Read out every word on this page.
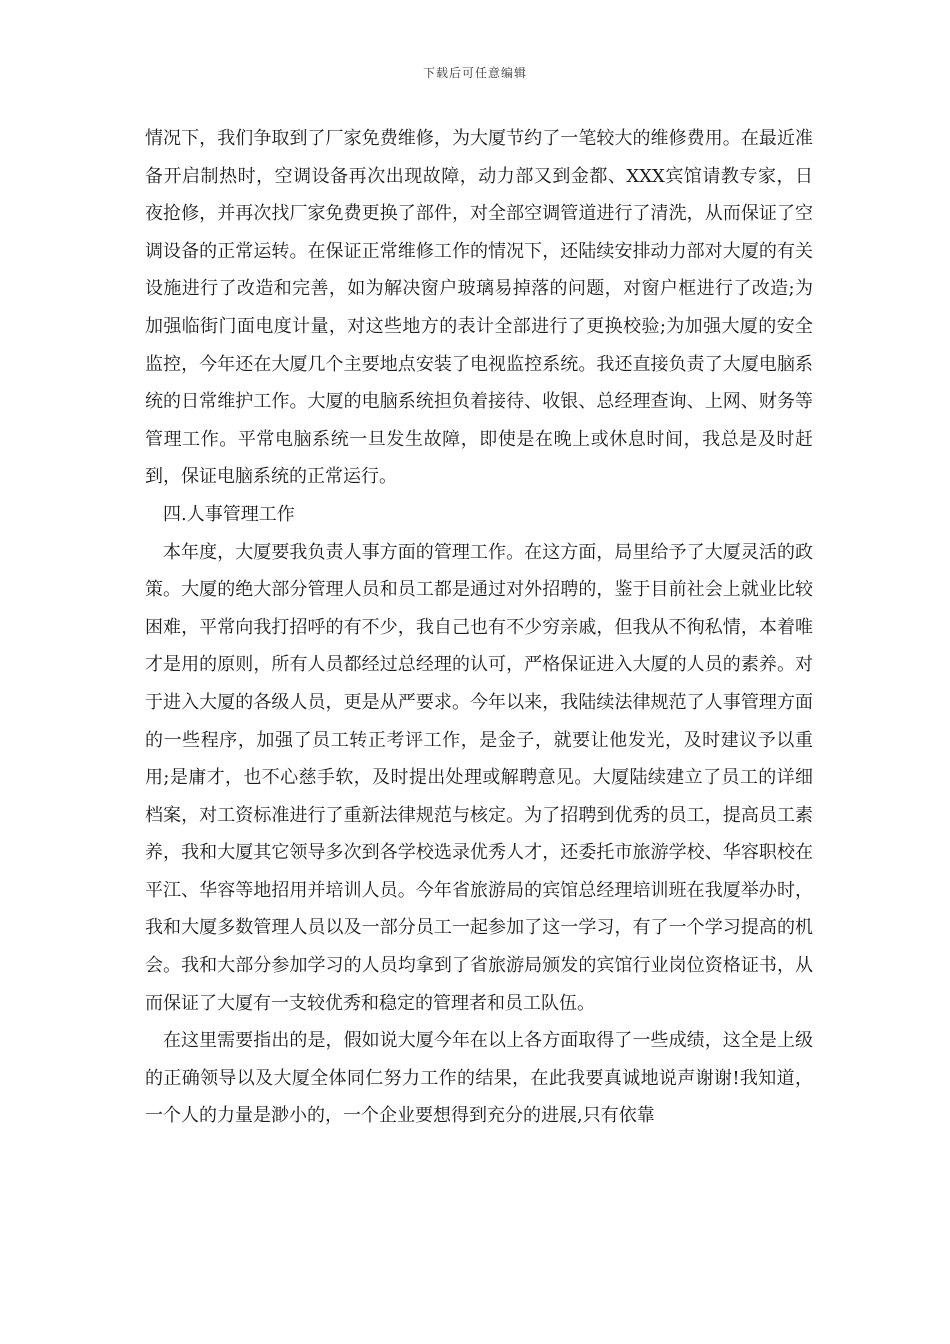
下载后可任意编辑

情况下，我们争取到了厂家免费维修，为大厦节约了一笔较大的维修费用。在最近准备开启制热时，空调设备再次出现故障，动力部又到金都、XXX宾馆请教专家，日夜抢修，并再次找厂家免费更换了部件，对全部空调管道进行了清洗，从而保证了空调设备的正常运转。在保证正常维修工作的情况下，还陆续安排动力部对大厦的有关设施进行了改造和完善，如为解决窗户玻璃易掉落的问题，对窗户框进行了改造;为加强临街门面电度计量，对这些地方的表计全部进行了更换校验;为加强大厦的安全监控，今年还在大厦几个主要地点安装了电视监控系统。我还直接负责了大厦电脑系统的日常维护工作。大厦的电脑系统担负着接待、收银、总经理查询、上网、财务等管理工作。平常电脑系统一旦发生故障，即使是在晚上或休息时间，我总是及时赶到，保证电脑系统的正常运行。

四.人事管理工作

本年度，大厦要我负责人事方面的管理工作。在这方面，局里给予了大厦灵活的政策。大厦的绝大部分管理人员和员工都是通过对外招聘的，鉴于目前社会上就业比较困难，平常向我打招呼的有不少，我自己也有不少穷亲戚，但我从不徇私情，本着唯才是用的原则，所有人员都经过总经理的认可，严格保证进入大厦的人员的素养。对于进入大厦的各级人员，更是从严要求。今年以来，我陆续法律规范了人事管理方面的一些程序，加强了员工转正考评工作，是金子，就要让他发光，及时建议予以重用;是庸才，也不心慈手软，及时提出处理或解聘意见。大厦陆续建立了员工的详细档案，对工资标准进行了重新法律规范与核定。为了招聘到优秀的员工，提高员工素养，我和大厦其它领导多次到各学校选录优秀人才，还委托市旅游学校、华容职校在平江、华容等地招用并培训人员。今年省旅游局的宾馆总经理培训班在我厦举办时，我和大厦多数管理人员以及一部分员工一起参加了这一学习，有了一个学习提高的机会。我和大部分参加学习的人员均拿到了省旅游局颁发的宾馆行业岗位资格证书，从而保证了大厦有一支较优秀和稳定的管理者和员工队伍。

在这里需要指出的是，假如说大厦今年在以上各方面取得了一些成绩，这全是上级的正确领导以及大厦全体同仁努力工作的结果，在此我要真诚地说声谢谢!我知道，一个人的力量是渺小的，一个企业要想得到充分的进展,只有依靠
